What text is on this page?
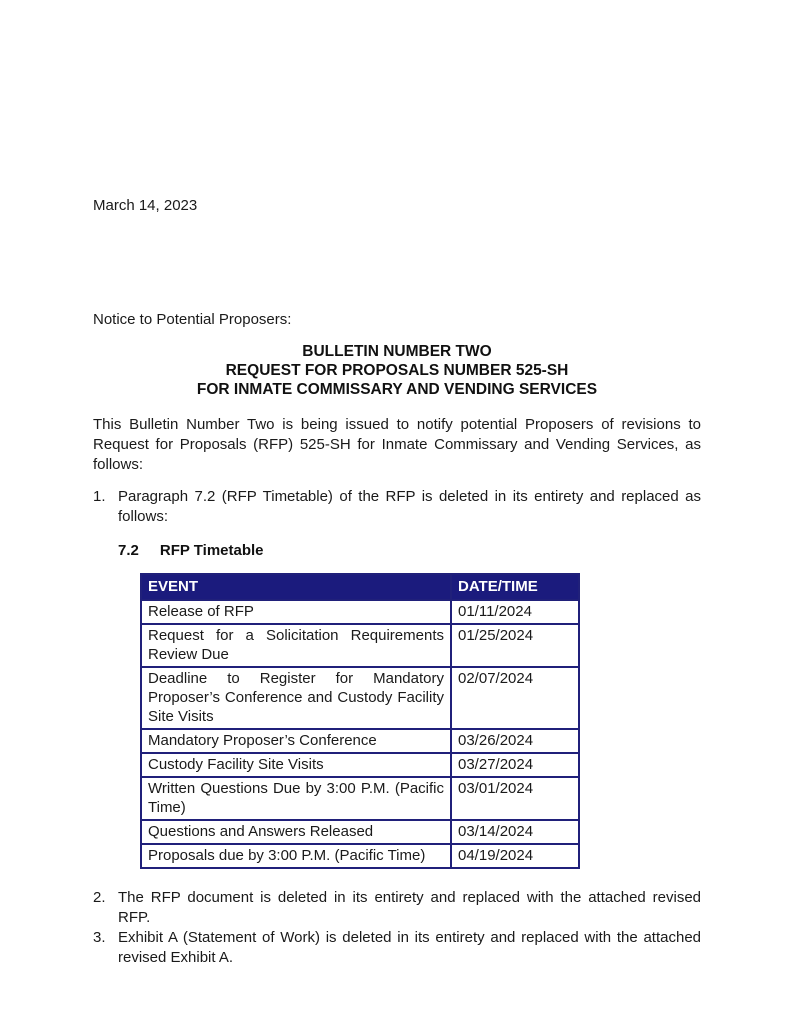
March 14, 2023
Notice to Potential Proposers:
BULLETIN NUMBER TWO
REQUEST FOR PROPOSALS NUMBER 525-SH
FOR INMATE COMMISSARY AND VENDING SERVICES
This Bulletin Number Two is being issued to notify potential Proposers of revisions to Request for Proposals (RFP) 525-SH for Inmate Commissary and Vending Services, as follows:
1. Paragraph 7.2 (RFP Timetable) of the RFP is deleted in its entirety and replaced as follows:
7.2 RFP Timetable
EVENT	DATE/TIME
Release of RFP	01/11/2024
Request for a Solicitation Requirements Review Due	01/25/2024
Deadline to Register for Mandatory Proposer’s Conference and Custody Facility Site Visits	02/07/2024
Mandatory Proposer’s Conference	03/26/2024
Custody Facility Site Visits	03/27/2024
Written Questions Due by 3:00 P.M. (Pacific Time)	03/01/2024
Questions and Answers Released	03/14/2024
Proposals due by 3:00 P.M. (Pacific Time)	04/19/2024
2. The RFP document is deleted in its entirety and replaced with the attached revised RFP.
3. Exhibit A (Statement of Work) is deleted in its entirety and replaced with the attached revised Exhibit A.
